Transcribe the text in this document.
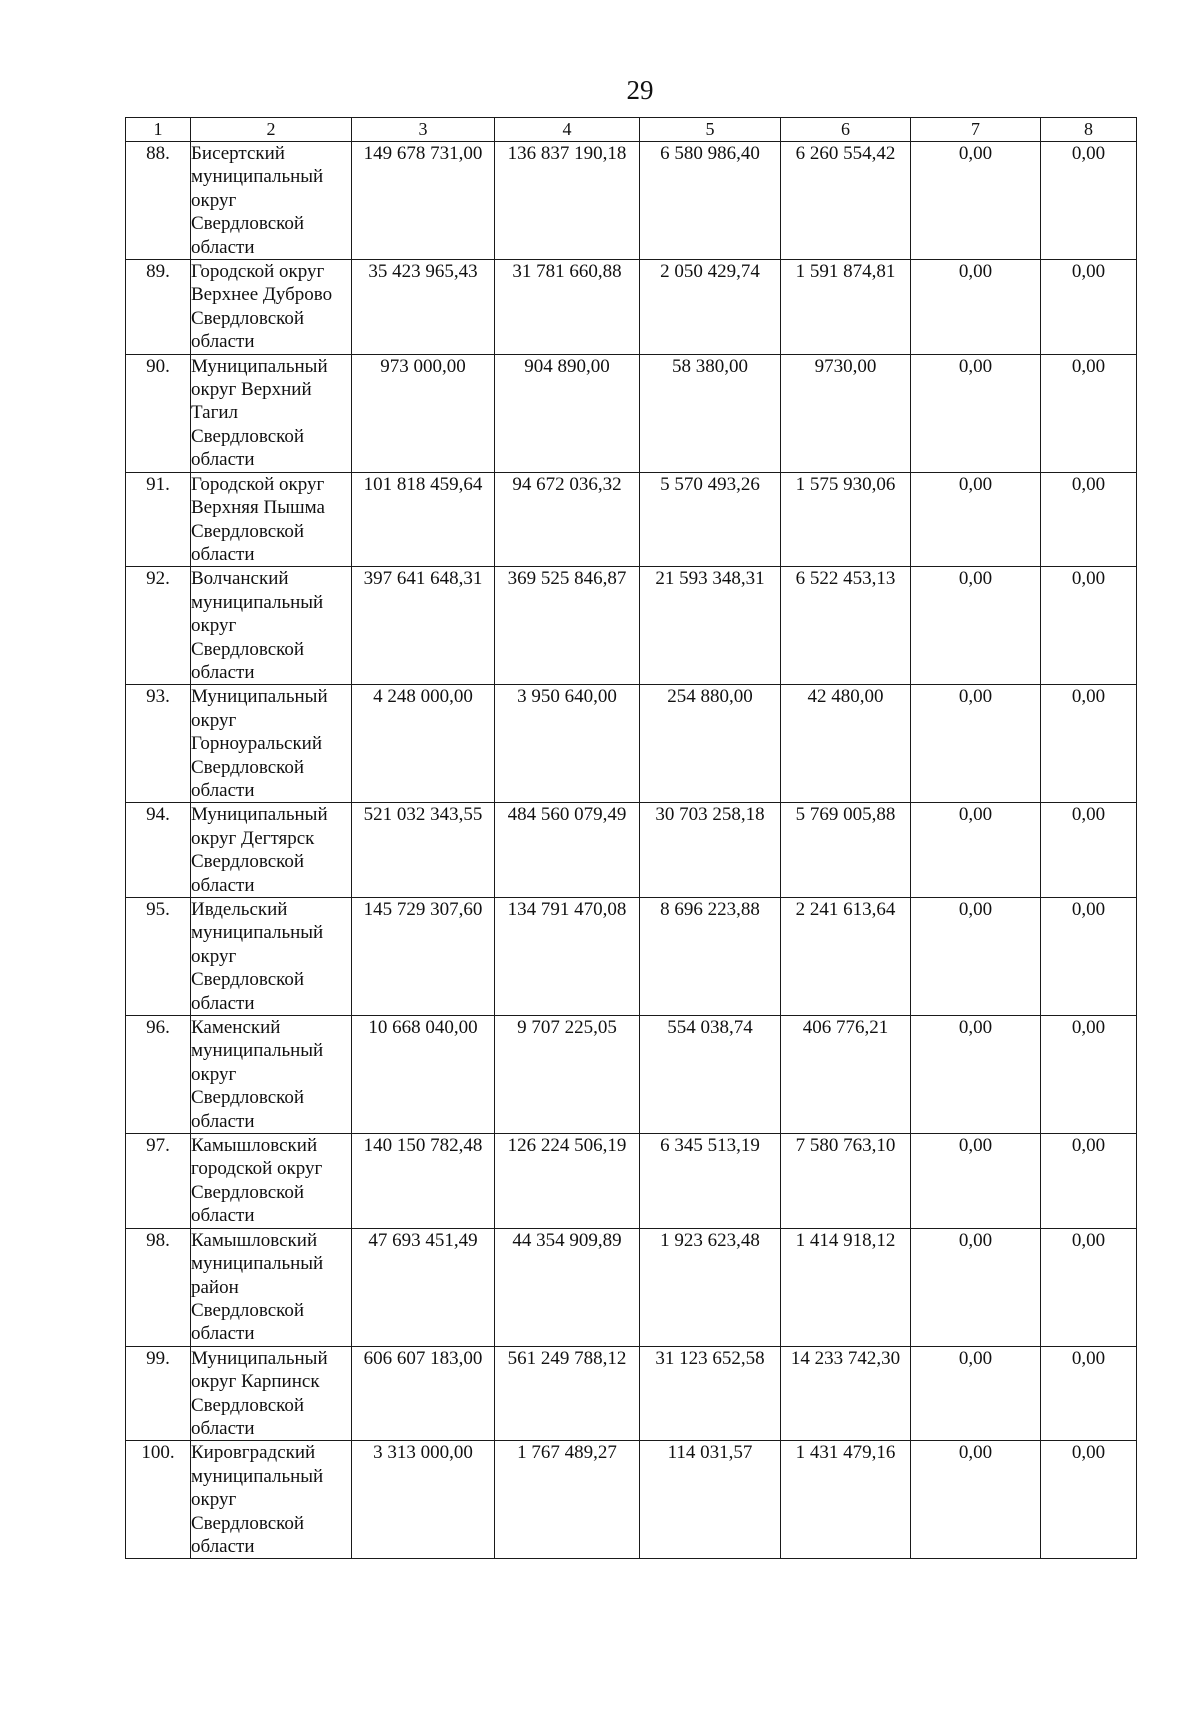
29
1	2	3	4	5	6	7	8
88.	Бисертский муниципальный округ Свердловской области	149 678 731,00	136 837 190,18	6 580 986,40	6 260 554,42	0,00	0,00
89.	Городской округ Верхнее Дуброво Свердловской области	35 423 965,43	31 781 660,88	2 050 429,74	1 591 874,81	0,00	0,00
90.	Муниципальный округ Верхний Тагил Свердловской области	973 000,00	904 890,00	58 380,00	9730,00	0,00	0,00
91.	Городской округ Верхняя Пышма Свердловской области	101 818 459,64	94 672 036,32	5 570 493,26	1 575 930,06	0,00	0,00
92.	Волчанский муниципальный округ Свердловской области	397 641 648,31	369 525 846,87	21 593 348,31	6 522 453,13	0,00	0,00
93.	Муниципальный округ Горноуральский Свердловской области	4 248 000,00	3 950 640,00	254 880,00	42 480,00	0,00	0,00
94.	Муниципальный округ Дегтярск Свердловской области	521 032 343,55	484 560 079,49	30 703 258,18	5 769 005,88	0,00	0,00
95.	Ивдельский муниципальный округ Свердловской области	145 729 307,60	134 791 470,08	8 696 223,88	2 241 613,64	0,00	0,00
96.	Каменский муниципальный округ Свердловской области	10 668 040,00	9 707 225,05	554 038,74	406 776,21	0,00	0,00
97.	Камышловский городской округ Свердловской области	140 150 782,48	126 224 506,19	6 345 513,19	7 580 763,10	0,00	0,00
98.	Камышловский муниципальный район Свердловской области	47 693 451,49	44 354 909,89	1 923 623,48	1 414 918,12	0,00	0,00
99.	Муниципальный округ Карпинск Свердловской области	606 607 183,00	561 249 788,12	31 123 652,58	14 233 742,30	0,00	0,00
100.	Кировградский муниципальный округ Свердловской области	3 313 000,00	1 767 489,27	114 031,57	1 431 479,16	0,00	0,00
